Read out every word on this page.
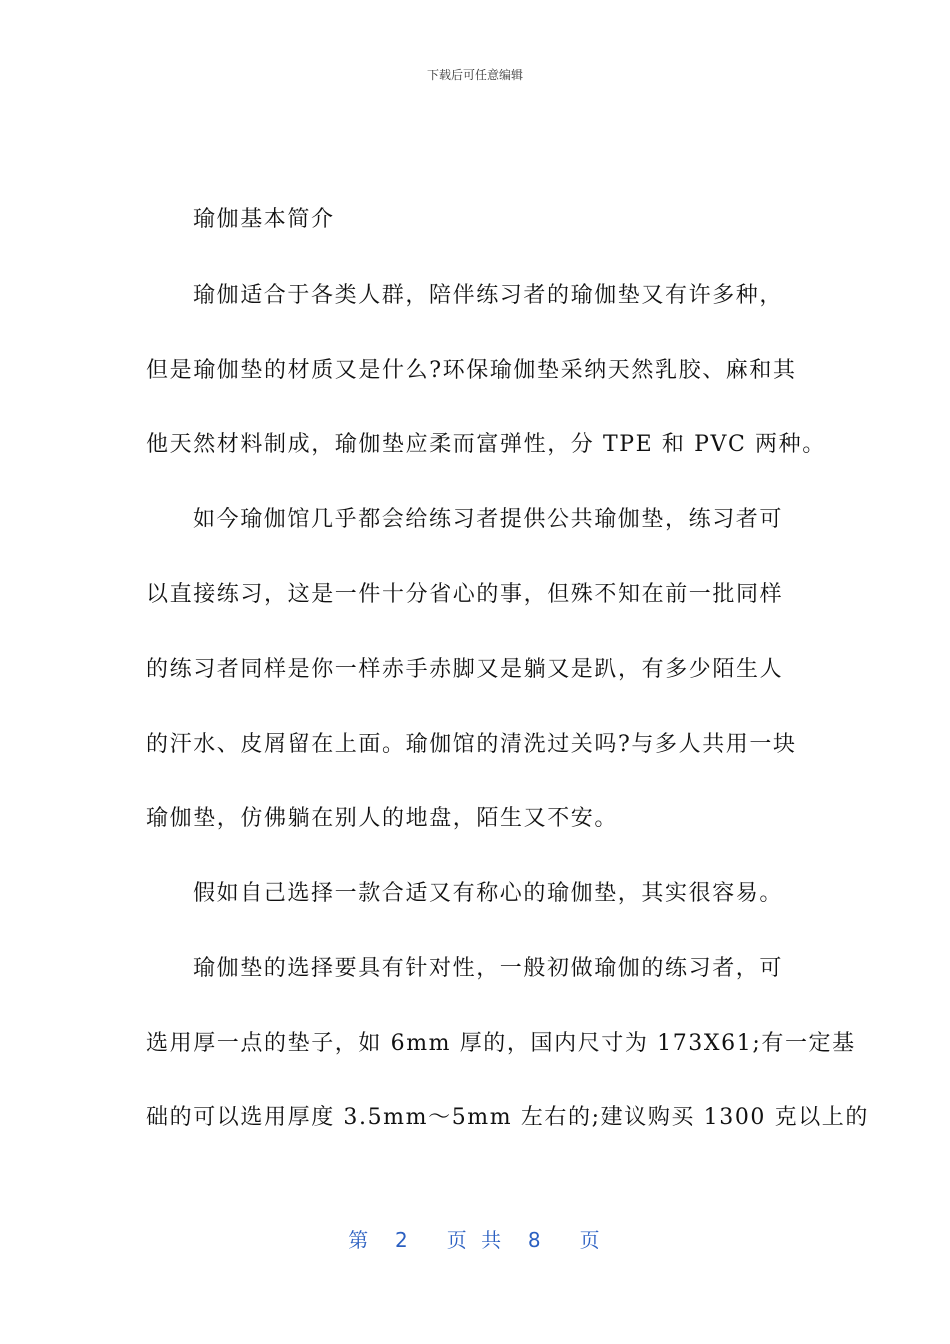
下载后可任意编辑
瑜伽基本简介
瑜伽适合于各类人群，陪伴练习者的瑜伽垫又有许多种，
但是瑜伽垫的材质又是什么?环保瑜伽垫采纳天然乳胶、麻和其
他天然材料制成，瑜伽垫应柔而富弹性，分 TPE 和 PVC 两种。
如今瑜伽馆几乎都会给练习者提供公共瑜伽垫，练习者可
以直接练习，这是一件十分省心的事，但殊不知在前一批同样
的练习者同样是你一样赤手赤脚又是躺又是趴，有多少陌生人
的汗水、皮屑留在上面。瑜伽馆的清洗过关吗?与多人共用一块
瑜伽垫，仿佛躺在别人的地盘，陌生又不安。
假如自己选择一款合适又有称心的瑜伽垫，其实很容易。
瑜伽垫的选择要具有针对性，一般初做瑜伽的练习者，可
选用厚一点的垫子，如 6mm 厚的，国内尺寸为 173X61;有一定基
础的可以选用厚度 3.5mm～5mm 左右的;建议购买 1300 克以上的
第  2   页 共  8   页
